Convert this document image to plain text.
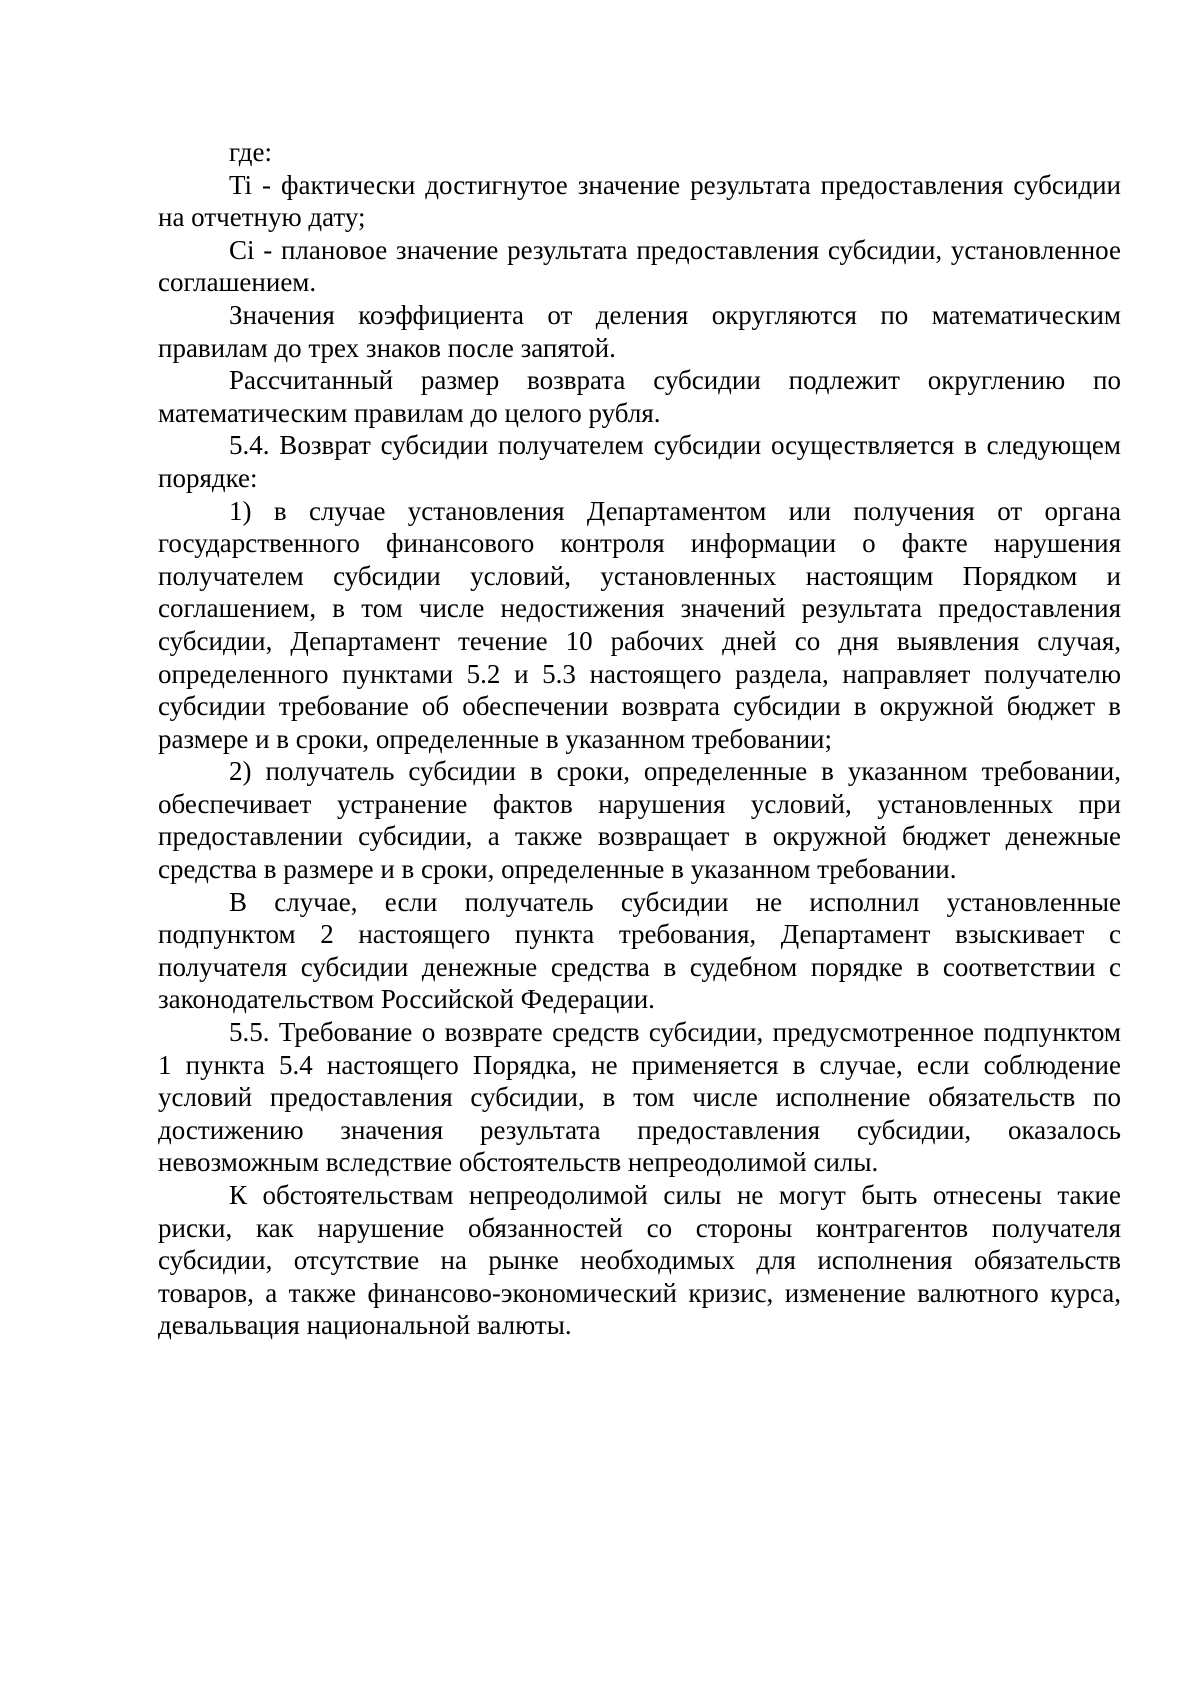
где:

Ti - фактически достигнутое значение результата предоставления субсидии на отчетную дату;

Ci - плановое значение результата предоставления субсидии, установленное соглашением.

Значения коэффициента от деления округляются по математическим правилам до трех знаков после запятой.

Рассчитанный размер возврата субсидии подлежит округлению по математическим правилам до целого рубля.

5.4. Возврат субсидии получателем субсидии осуществляется в следующем порядке:

1) в случае установления Департаментом или получения от органа государственного финансового контроля информации о факте нарушения получателем субсидии условий, установленных настоящим Порядком и соглашением, в том числе недостижения значений результата предоставления субсидии, Департамент течение 10 рабочих дней со дня выявления случая, определенного пунктами 5.2 и 5.3 настоящего раздела, направляет получателю субсидии требование об обеспечении возврата субсидии в окружной бюджет в размере и в сроки, определенные в указанном требовании;

2) получатель субсидии в сроки, определенные в указанном требовании, обеспечивает устранение фактов нарушения условий, установленных при предоставлении субсидии, а также возвращает в окружной бюджет денежные средства в размере и в сроки, определенные в указанном требовании.

В случае, если получатель субсидии не исполнил установленные подпунктом 2 настоящего пункта требования, Департамент взыскивает с получателя субсидии денежные средства в судебном порядке в соответствии с законодательством Российской Федерации.

5.5. Требование о возврате средств субсидии, предусмотренное подпунктом 1 пункта 5.4 настоящего Порядка, не применяется в случае, если соблюдение условий предоставления субсидии, в том числе исполнение обязательств по достижению значения результата предоставления субсидии, оказалось невозможным вследствие обстоятельств непреодолимой силы.

К обстоятельствам непреодолимой силы не могут быть отнесены такие риски, как нарушение обязанностей со стороны контрагентов получателя субсидии, отсутствие на рынке необходимых для исполнения обязательств товаров, а также финансово-экономический кризис, изменение валютного курса, девальвация национальной валюты.
